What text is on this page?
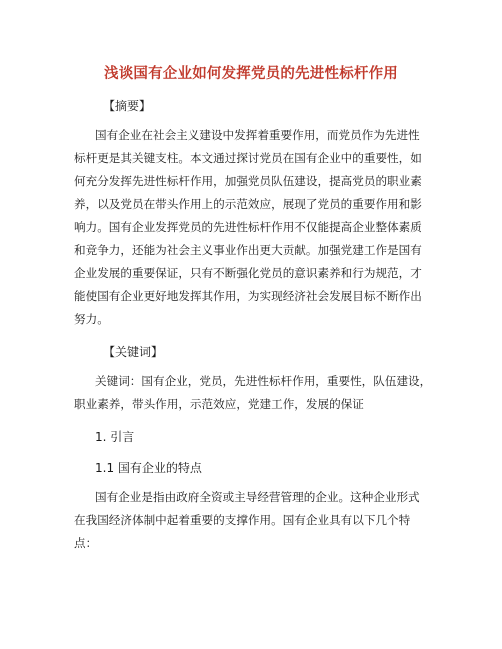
浅谈国有企业如何发挥党员的先进性标杆作用
【摘要】
国有企业在社会主义建设中发挥着重要作用，而党员作为先进性
标杆更是其关键支柱。本文通过探讨党员在国有企业中的重要性，如
何充分发挥先进性标杆作用，加强党员队伍建设，提高党员的职业素
养，以及党员在带头作用上的示范效应，展现了党员的重要作用和影
响力。国有企业发挥党员的先进性标杆作用不仅能提高企业整体素质
和竞争力，还能为社会主义事业作出更大贡献。加强党建工作是国有
企业发展的重要保证，只有不断强化党员的意识素养和行为规范，才
能使国有企业更好地发挥其作用，为实现经济社会发展目标不断作出
努力。
【关键词】
关键词：国有企业，党员，先进性标杆作用，重要性，队伍建设，
职业素养，带头作用，示范效应，党建工作，发展的保证
1. 引言
1.1 国有企业的特点
国有企业是指由政府全资或主导经营管理的企业。这种企业形式
在我国经济体制中起着重要的支撑作用。国有企业具有以下几个特
点：
